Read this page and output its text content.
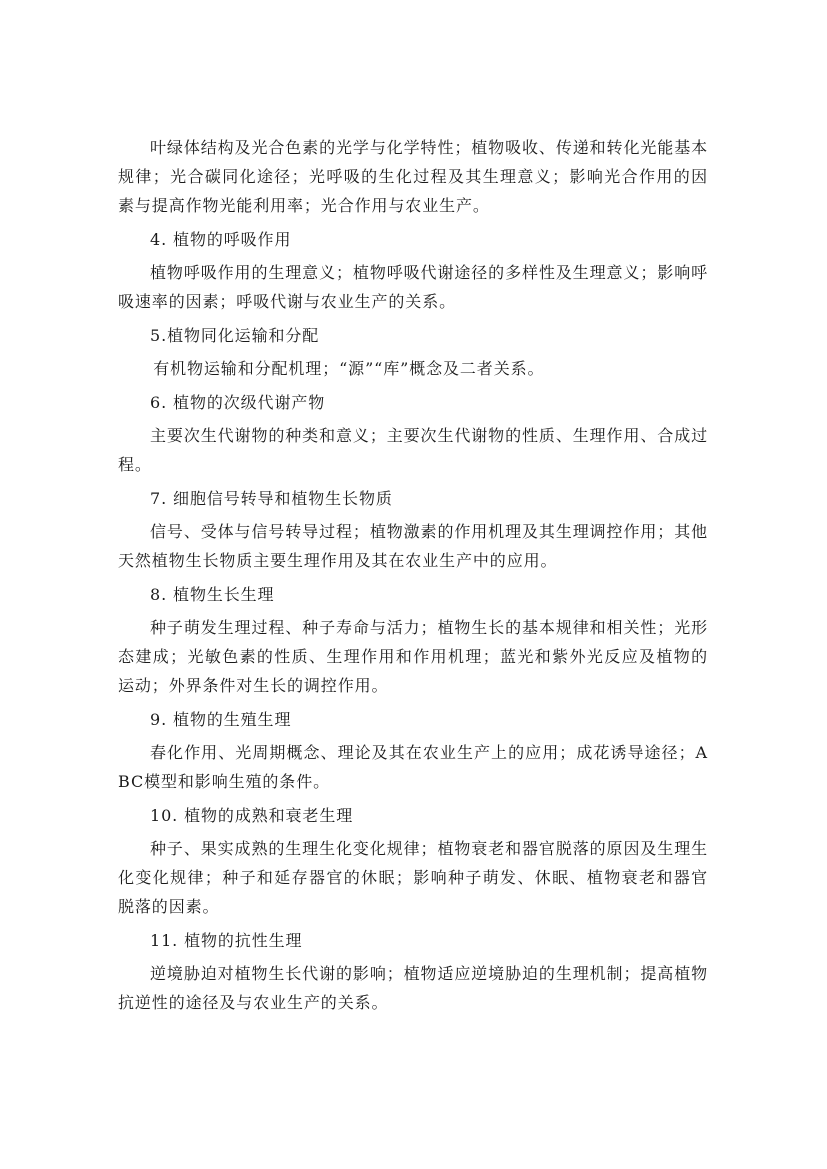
叶绿体结构及光合色素的光学与化学特性；植物吸收、传递和转化光能基本规律；光合碳同化途径；光呼吸的生化过程及其生理意义；影响光合作用的因素与提高作物光能利用率；光合作用与农业生产。

4. 植物的呼吸作用

植物呼吸作用的生理意义；植物呼吸代谢途径的多样性及生理意义；影响呼吸速率的因素；呼吸代谢与农业生产的关系。

5.植物同化运输和分配

有机物运输和分配机理；“源”“库”概念及二者关系。

6. 植物的次级代谢产物

主要次生代谢物的种类和意义；主要次生代谢物的性质、生理作用、合成过程。

7. 细胞信号转导和植物生长物质

信号、受体与信号转导过程；植物激素的作用机理及其生理调控作用；其他天然植物生长物质主要生理作用及其在农业生产中的应用。

8. 植物生长生理

种子萌发生理过程、种子寿命与活力；植物生长的基本规律和相关性；光形态建成；光敏色素的性质、生理作用和作用机理；蓝光和紫外光反应及植物的运动；外界条件对生长的调控作用。

9. 植物的生殖生理

春化作用、光周期概念、理论及其在农业生产上的应用；成花诱导途径；ABC模型和影响生殖的条件。

10. 植物的成熟和衰老生理

种子、果实成熟的生理生化变化规律；植物衰老和器官脱落的原因及生理生化变化规律；种子和延存器官的休眠；影响种子萌发、休眠、植物衰老和器官脱落的因素。

11. 植物的抗性生理

逆境胁迫对植物生长代谢的影响；植物适应逆境胁迫的生理机制；提高植物抗逆性的途径及与农业生产的关系。
